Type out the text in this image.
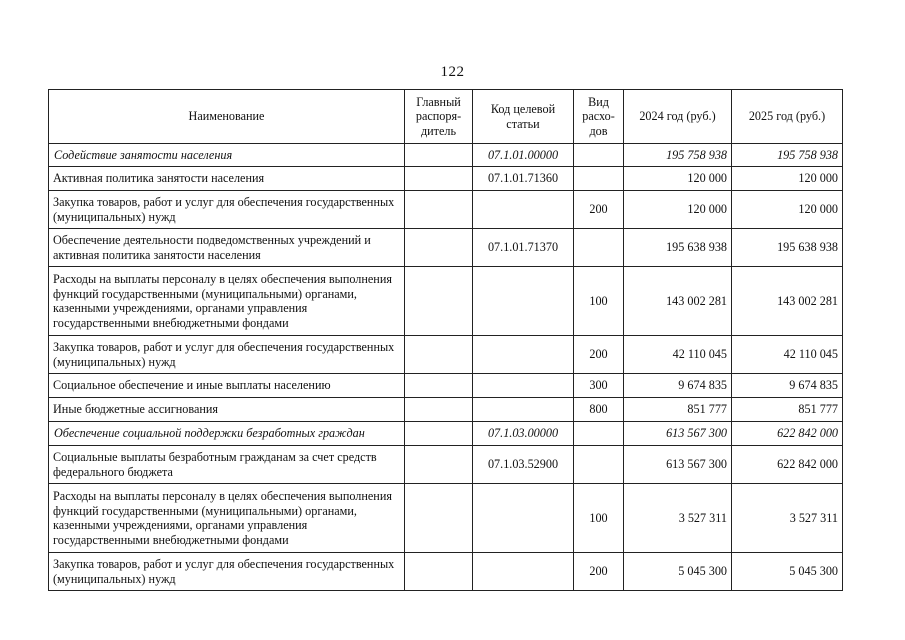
122
Наименование	Главный распоря-дитель	Код целевой статьи	Вид расхо-дов	2024 год (руб.)	2025 год (руб.)
Содействие занятости населения		07.1.01.00000		195 758 938	195 758 938
Активная политика занятости населения		07.1.01.71360		120 000	120 000
Закупка товаров, работ и услуг для обеспечения государственных (муниципальных) нужд			200	120 000	120 000
Обеспечение деятельности подведомственных учреждений и активная политика занятости населения		07.1.01.71370		195 638 938	195 638 938
Расходы на выплаты персоналу в целях обеспечения выполнения функций государственными (муниципальными) органами, казенными учреждениями, органами управления государственными внебюджетными фондами			100	143 002 281	143 002 281
Закупка товаров, работ и услуг для обеспечения государственных (муниципальных) нужд			200	42 110 045	42 110 045
Социальное обеспечение и иные выплаты населению			300	9 674 835	9 674 835
Иные бюджетные ассигнования			800	851 777	851 777
Обеспечение социальной поддержки безработных граждан		07.1.03.00000		613 567 300	622 842 000
Социальные выплаты безработным гражданам за счет средств федерального бюджета		07.1.03.52900		613 567 300	622 842 000
Расходы на выплаты персоналу в целях обеспечения выполнения функций государственными (муниципальными) органами, казенными учреждениями, органами управления государственными внебюджетными фондами			100	3 527 311	3 527 311
Закупка товаров, работ и услуг для обеспечения государственных (муниципальных) нужд			200	5 045 300	5 045 300
